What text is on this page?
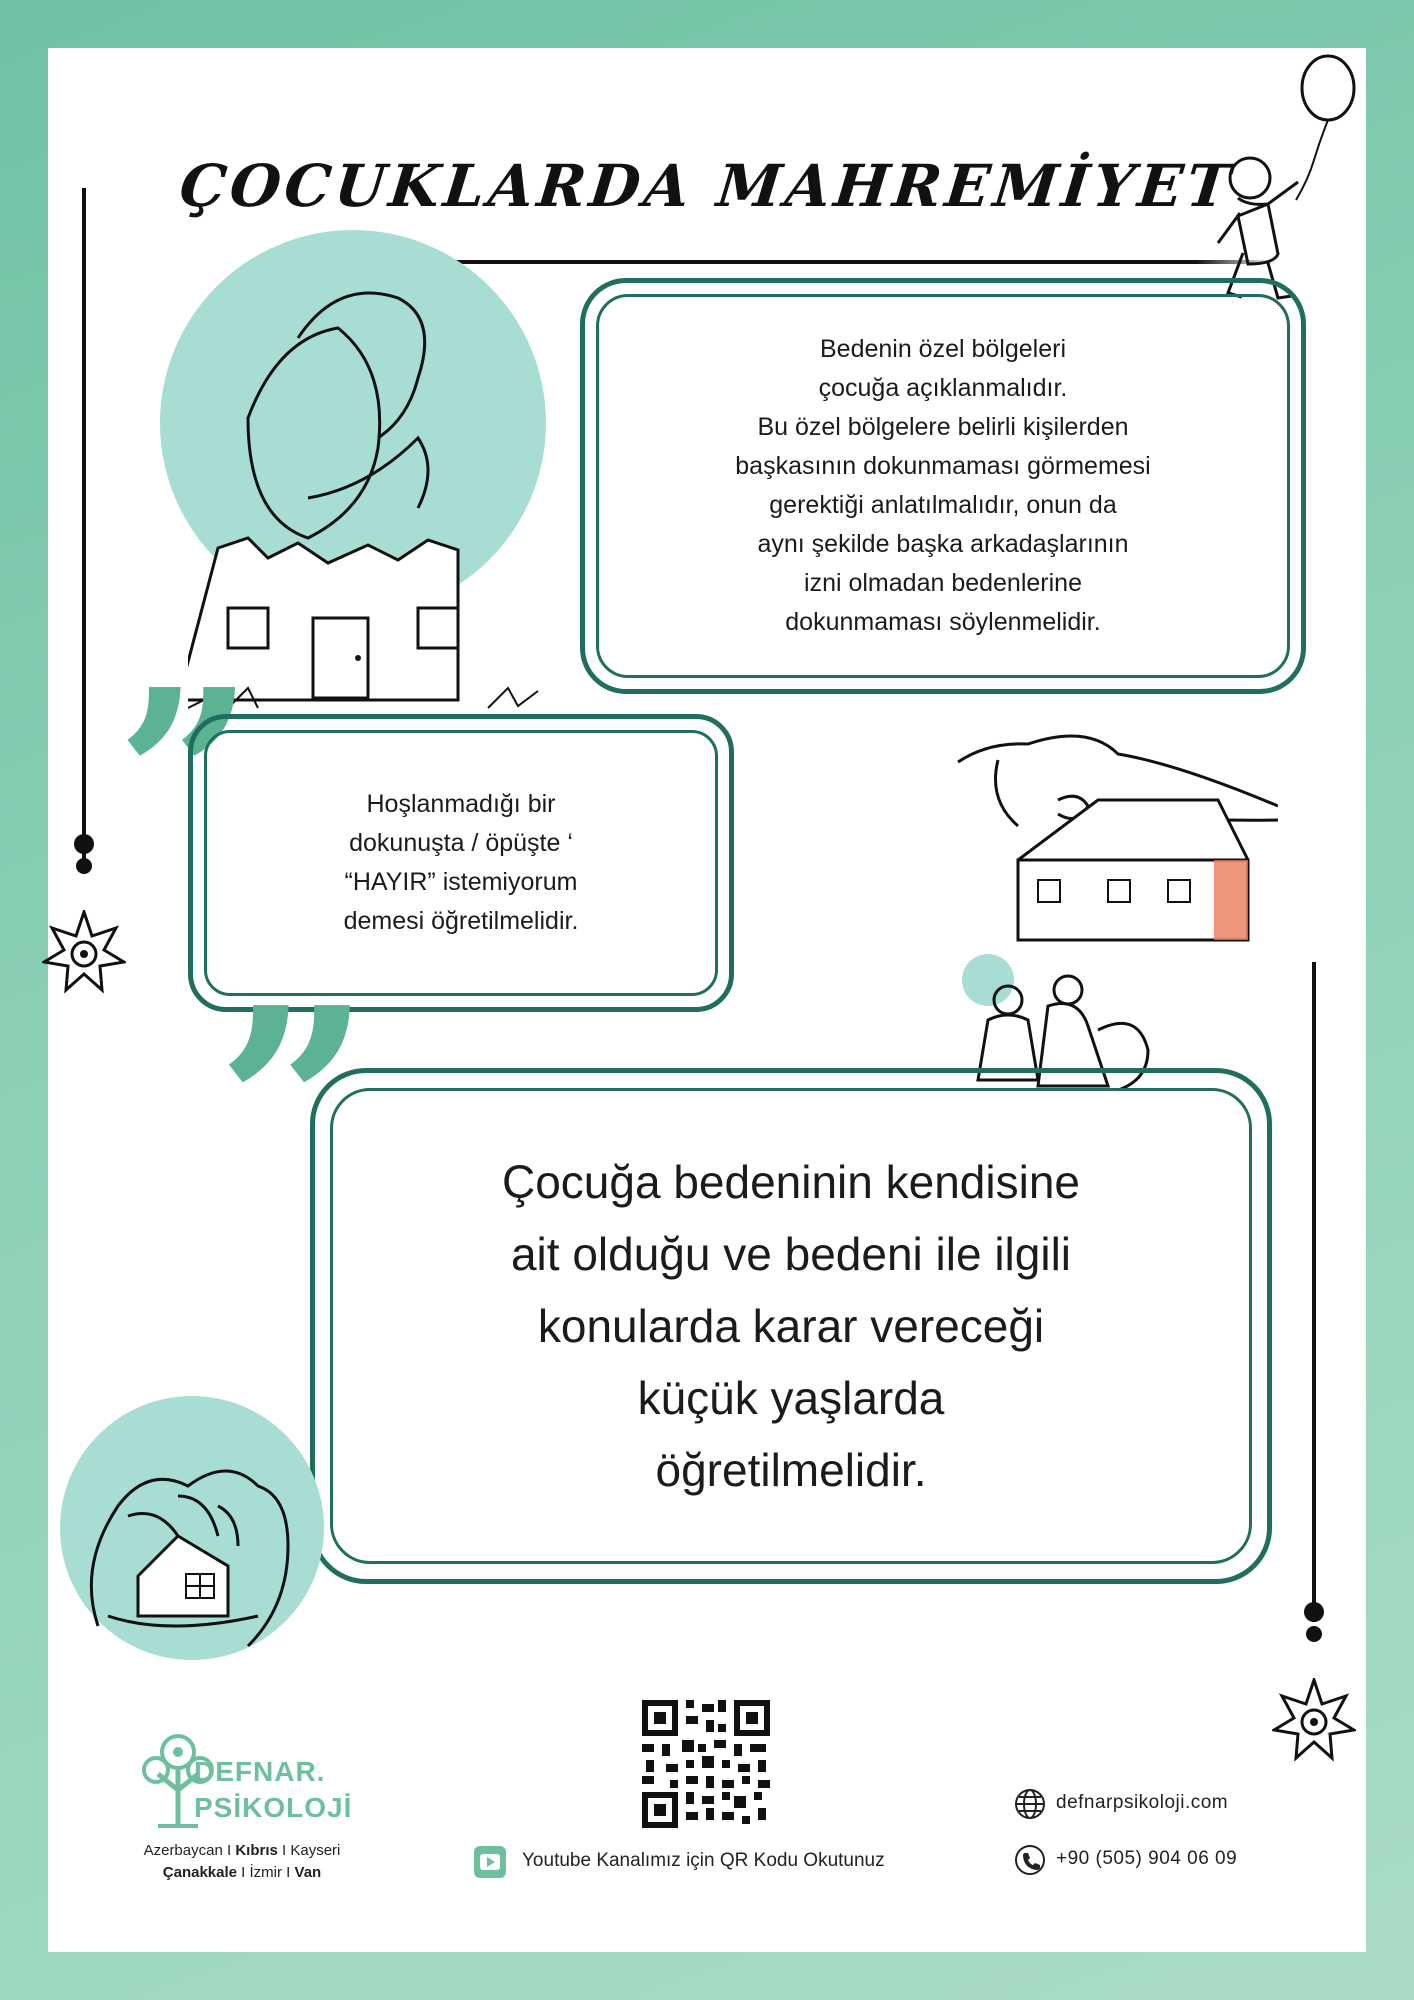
ÇOCUKLARDA MAHREMİYET
Bedenin özel bölgeleri
çocuğa açıklanmalıdır.
Bu özel bölgelere belirli kişilerden
başkasının dokunmaması görmemesi
gerektiği anlatılmalıdır, onun da
aynı şekilde başka arkadaşlarının
izni olmadan bedenlerine
dokunmaması söylenmelidir.
”	Hoşlanmadığı bir
dokunuşta / öpüşte ‘
“HAYIR” istemiyorum
demesi öğretilmelidir.
”	Çocuğa bedeninin kendisine
ait olduğu ve bedeni ile ilgili
konularda karar vereceği
küçük yaşlarda
öğretilmelidir.
DEFNAR.
PSİKOLOJİ
Azerbaycan I Kıbrıs I Kayseri
Çanakkale I İzmir I Van
Youtube Kanalımız için QR Kodu Okutunuz
defnarpsikoloji.com
+90 (505) 904 06 09
